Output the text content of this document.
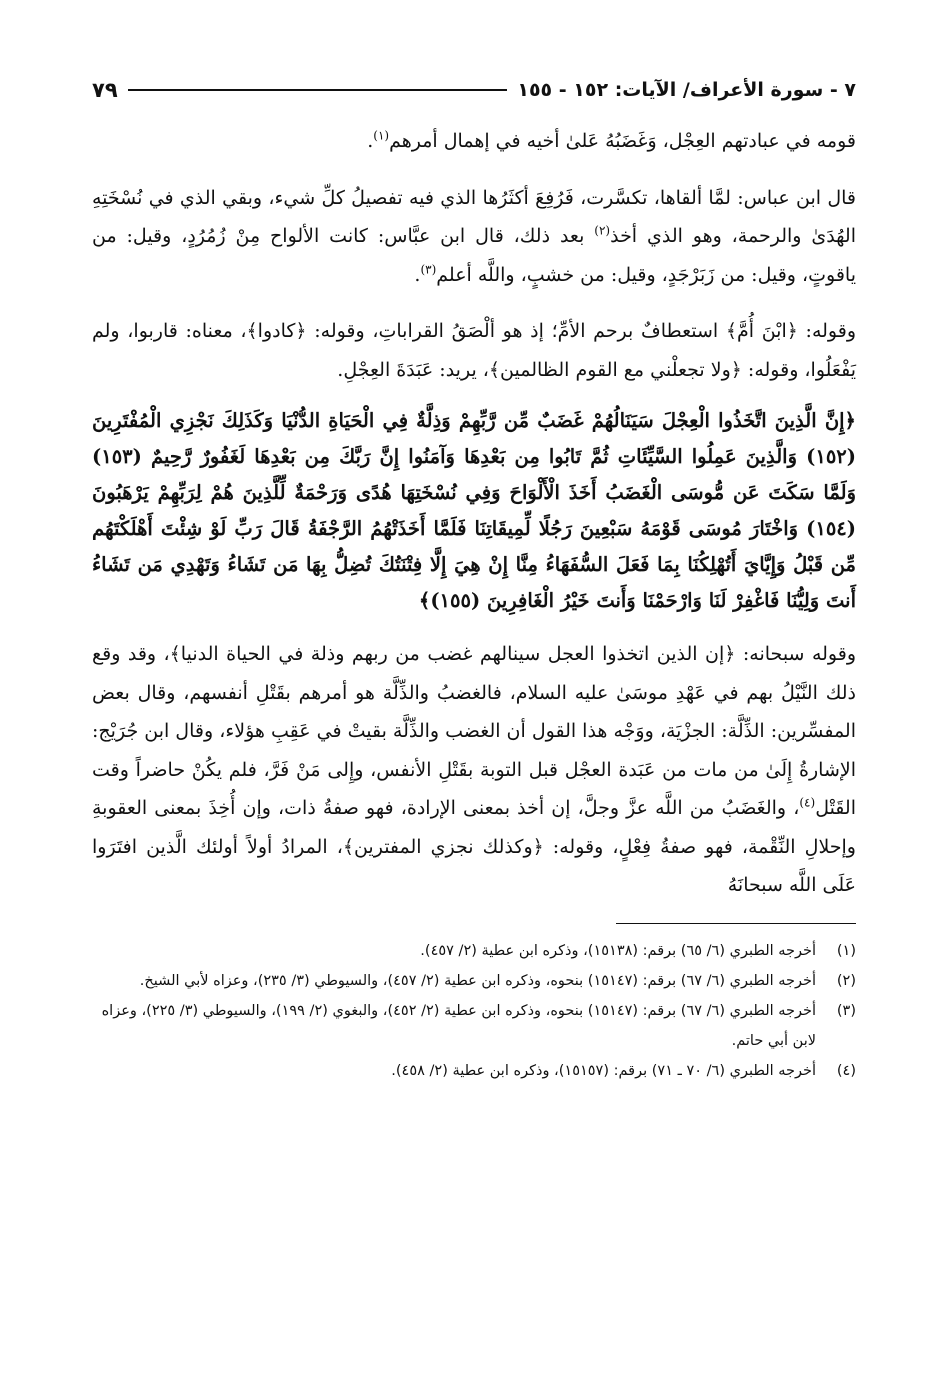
٧ - سورة الأعراف/ الآيات: ١٥٢ - ١٥٥
٧٩

قومه في عبادتهم العِجْل، وَغَضَبُهُ عَلىٰ أخيه في إهمال أمرهم$^{(١)}$.

قال ابن عباس: لمَّا ألقاها، تكسَّرت، فَرُفِعَ أكثَرُها الذي فيه تفصيلُ كلِّ شيء، وبقي الذي في نُسْخَتِهِ الهُدَىٰ والرحمة، وهو الذي أخذ$^{(٢)}$ بعد ذلك، قال ابن عبَّاس: كانت الألواح مِنْ زُمُرُدٍ، وقيل: من ياقوتٍ، وقيل: من زَبَرْجَدٍ، وقيل: من خشبٍ، واللَّه أعلم$^{(٣)}$.

وقوله: ﴿ابْنَ أُمَّ﴾ استعطافٌ برحم الأمِّ؛ إذ هو ألْصَقُ القراباتِ، وقوله: ﴿كادوا﴾، معناه: قاربوا، ولم يَفْعَلُوا، وقوله: ﴿ولا تجعلْني مع القوم الظالمين﴾، يريد: عَبَدَةَ العِجْلِ.

﴿إِنَّ الَّذِينَ اتَّخَذُوا الْعِجْلَ سَيَنَالُهُمْ غَضَبٌ مِّن رَّبِّهِمْ وَذِلَّةٌ فِي الْحَيَاةِ الدُّنْيَا وَكَذَلِكَ نَجْزِي الْمُفْتَرِينَ (١٥٢) وَالَّذِينَ عَمِلُوا السَّيِّئَاتِ ثُمَّ تَابُوا مِن بَعْدِهَا وَآمَنُوا إِنَّ رَبَّكَ مِن بَعْدِهَا لَغَفُورٌ رَّحِيمٌ (١٥٣) وَلَمَّا سَكَتَ عَن مُّوسَى الْغَضَبُ أَخَذَ الْأَلْوَاحَ وَفِي نُسْخَتِهَا هُدًى وَرَحْمَةٌ لِّلَّذِينَ هُمْ لِرَبِّهِمْ يَرْهَبُونَ (١٥٤) وَاخْتَارَ مُوسَى قَوْمَهُ سَبْعِينَ رَجُلًا لِّمِيقَاتِنَا فَلَمَّا أَخَذَتْهُمُ الرَّجْفَةُ قَالَ رَبِّ لَوْ شِئْتَ أَهْلَكْتَهُم مِّن قَبْلُ وَإِيَّايَ أَتُهْلِكُنَا بِمَا فَعَلَ السُّفَهَاءُ مِنَّا إِنْ هِيَ إِلَّا فِتْنَتُكَ تُضِلُّ بِهَا مَن تَشَاءُ وَتَهْدِي مَن تَشَاءُ أَنتَ وَلِيُّنَا فَاغْفِرْ لَنَا وَارْحَمْنَا وَأَنتَ خَيْرُ الْغَافِرِينَ (١٥٥)﴾

وقوله سبحانه: ﴿إن الذين اتخذوا العجل سينالهم غضب من ربهم وذلة في الحياة الدنيا﴾، وقد وقع ذلك النَّيْلُ بهم في عَهْدِ موسَىٰ عليه السلام، فالغضبُ والذِّلَّة هو أمرهم بقَتْلِ أنفسهم، وقال بعض المفسِّرين: الذِّلَّة: الجزْيَة، ووَجْه هذا القول أن الغضب والذِّلَّة بقيتْ في عَقِبِ هؤلاء، وقال ابن جُرَيْج: الإشارةُ إِلَىٰ من مات من عَبَدة العجْل قبل التوبة بقَتْلِ الأنفس، وإِلى مَنْ فَرَّ، فلم يكُنْ حاضراً وقت القَتْل$^{(٤)}$، والغَضَبُ من اللَّه عزَّ وجلَّ، إن أخذ بمعنى الإرادة، فهو صفةُ ذات، وإن أُخِذَ بمعنى العقوبةِ وإحلالِ النِّقْمة، فهو صفةُ فِعْلٍ، وقوله: ﴿وكذلك نجزي المفترين﴾، المرادُ أولاً أولئك الَّذين افتَرَوا عَلَى اللَّه سبحانَهُ

(١)
أخرجه الطبري (٦/ ٦٥) برقم: (١٥١٣٨)، وذكره ابن عطية (٢/ ٤٥٧).
(٢)
أخرجه الطبري (٦/ ٦٧) برقم: (١٥١٤٧) بنحوه، وذكره ابن عطية (٢/ ٤٥٧)، والسيوطي (٣/ ٢٣٥)، وعزاه لأبي الشيخ.
(٣)
أخرجه الطبري (٦/ ٦٧) برقم: (١٥١٤٧) بنحوه، وذكره ابن عطية (٢/ ٤٥٢)، والبغوي (٢/ ١٩٩)، والسيوطي (٣/ ٢٢٥)، وعزاه لابن أبي حاتم.
(٤)
أخرجه الطبري (٦/ ٧٠ ـ ٧١) برقم: (١٥١٥٧)، وذكره ابن عطية (٢/ ٤٥٨).
